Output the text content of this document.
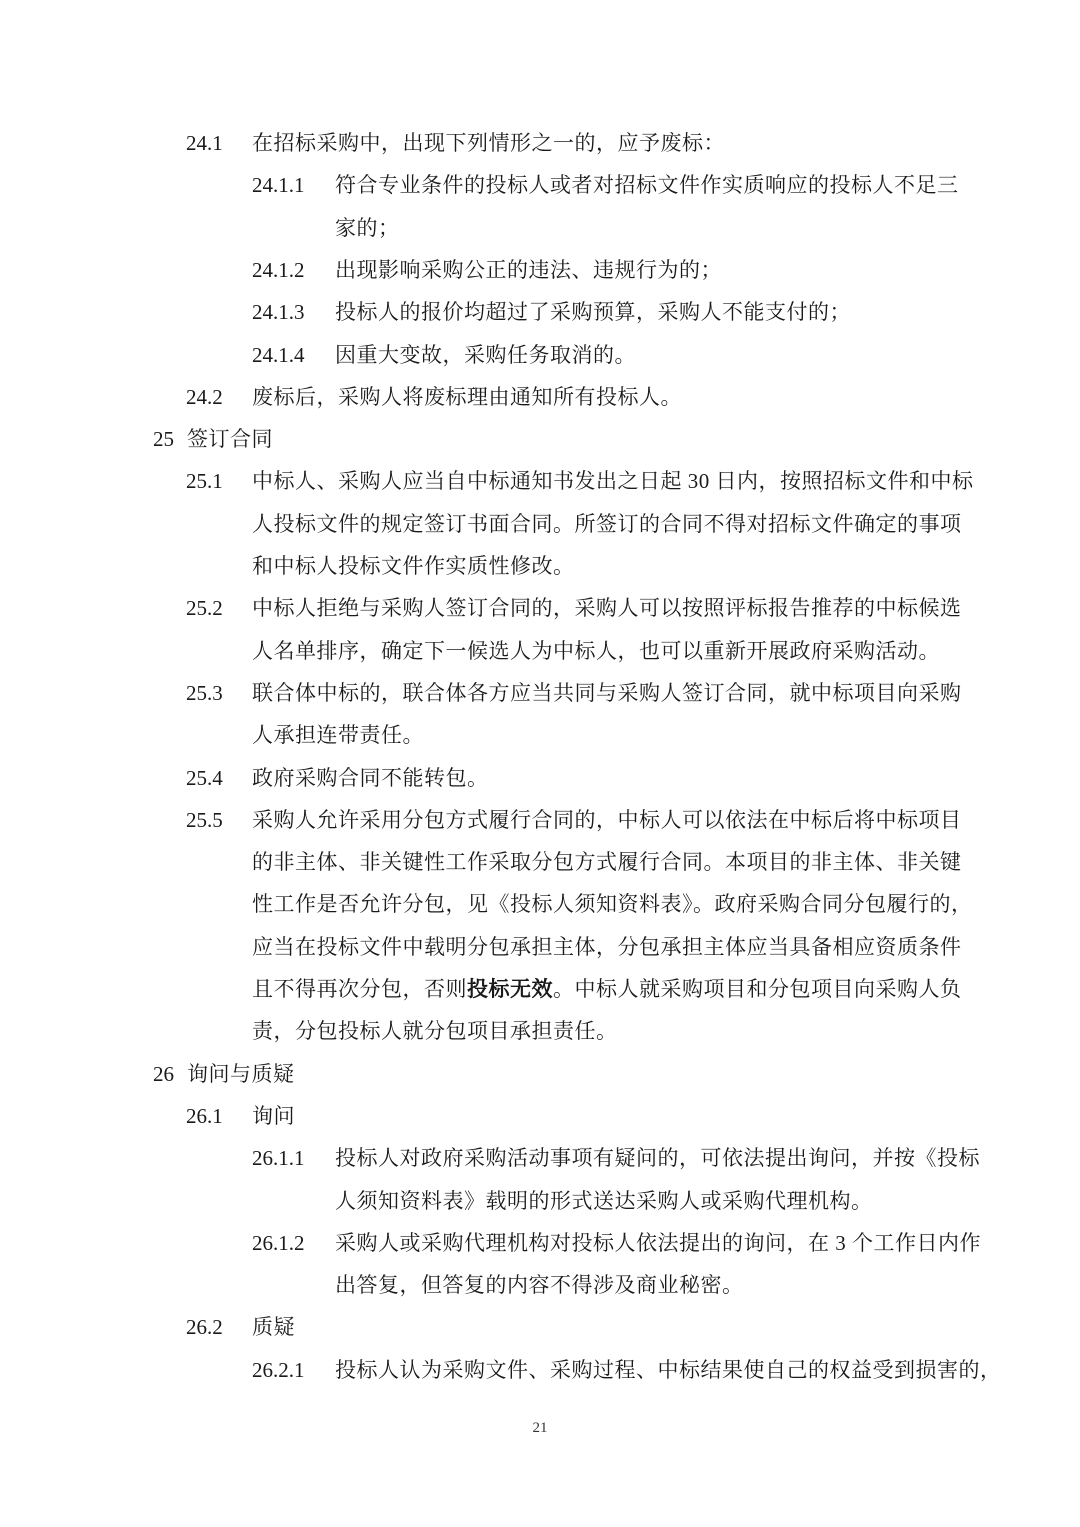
24.1 在招标采购中，出现下列情形之一的，应予废标：
24.1.1 符合专业条件的投标人或者对招标文件作实质响应的投标人不足三
家的；
24.1.2 出现影响采购公正的违法、违规行为的；
24.1.3 投标人的报价均超过了采购预算，采购人不能支付的；
24.1.4 因重大变故，采购任务取消的。
24.2 废标后，采购人将废标理由通知所有投标人。
25 签订合同
25.1 中标人、采购人应当自中标通知书发出之日起 30 日内，按照招标文件和中标
人投标文件的规定签订书面合同。所签订的合同不得对招标文件确定的事项
和中标人投标文件作实质性修改。
25.2 中标人拒绝与采购人签订合同的，采购人可以按照评标报告推荐的中标候选
人名单排序，确定下一候选人为中标人，也可以重新开展政府采购活动。
25.3 联合体中标的，联合体各方应当共同与采购人签订合同，就中标项目向采购
人承担连带责任。
25.4 政府采购合同不能转包。
25.5 采购人允许采用分包方式履行合同的，中标人可以依法在中标后将中标项目
的非主体、非关键性工作采取分包方式履行合同。本项目的非主体、非关键
性工作是否允许分包，见《投标人须知资料表》。政府采购合同分包履行的，
应当在投标文件中载明分包承担主体，分包承担主体应当具备相应资质条件
且不得再次分包，否则投标无效。中标人就采购项目和分包项目向采购人负
责，分包投标人就分包项目承担责任。
26 询问与质疑
26.1 询问
26.1.1 投标人对政府采购活动事项有疑问的，可依法提出询问，并按《投标
人须知资料表》载明的形式送达采购人或采购代理机构。
26.1.2 采购人或采购代理机构对投标人依法提出的询问，在 3 个工作日内作
出答复，但答复的内容不得涉及商业秘密。
26.2 质疑
26.2.1 投标人认为采购文件、采购过程、中标结果使自己的权益受到损害的，
21
